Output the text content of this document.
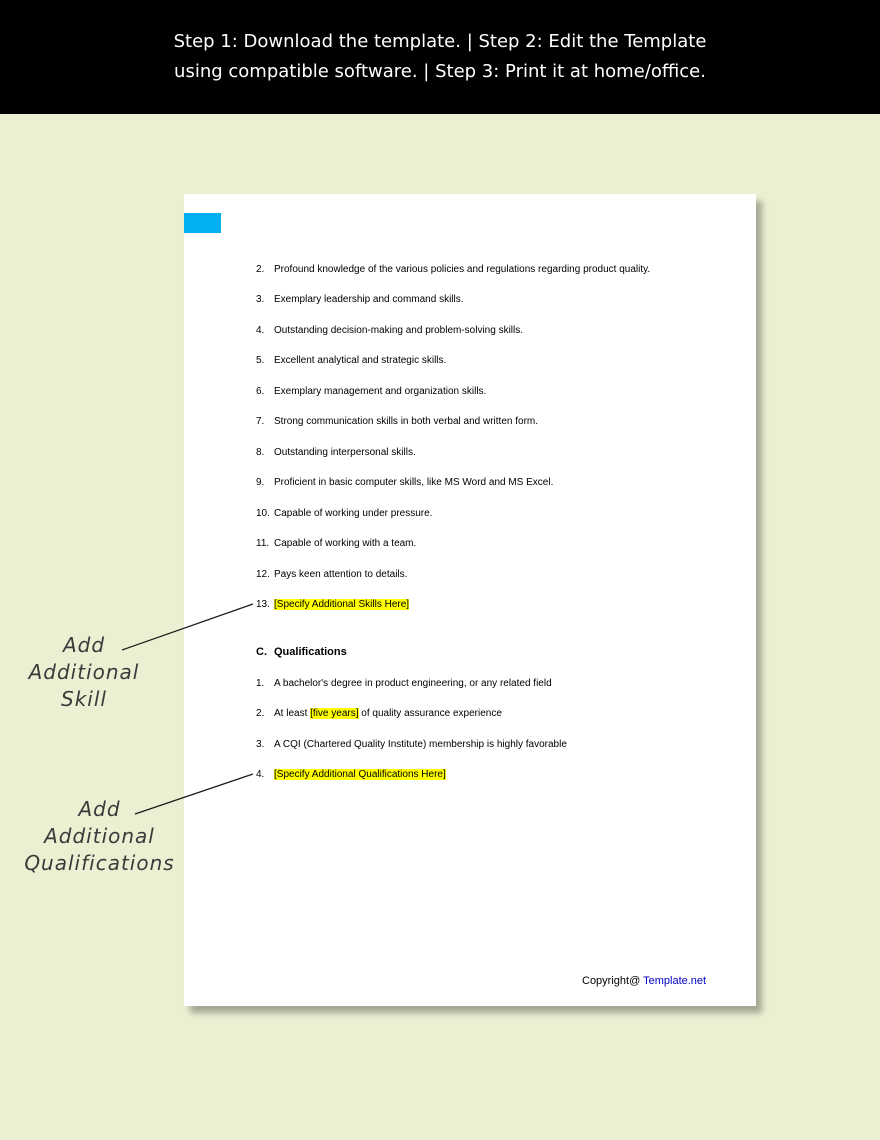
Step 1: Download the template. | Step 2: Edit the Template
using compatible software. | Step 3: Print it at home/office.
2. Profound knowledge of the various policies and regulations regarding product quality.
3. Exemplary leadership and command skills.
4. Outstanding decision-making and problem-solving skills.
5. Excellent analytical and strategic skills.
6. Exemplary management and organization skills.
7. Strong communication skills in both verbal and written form.
8. Outstanding interpersonal skills.
9. Proficient in basic computer skills, like MS Word and MS Excel.
10. Capable of working under pressure.
11. Capable of working with a team.
12. Pays keen attention to details.
13. [Specify Additional Skills Here]
C. Qualifications
1. A bachelor's degree in product engineering, or any related field
2. At least [five years] of quality assurance experience
3. A CQI (Chartered Quality Institute) membership is highly favorable
4. [Specify Additional Qualifications Here]
Copyright@ Template.net
Add
Additional
Skill
Add
Additional
Qualifications
